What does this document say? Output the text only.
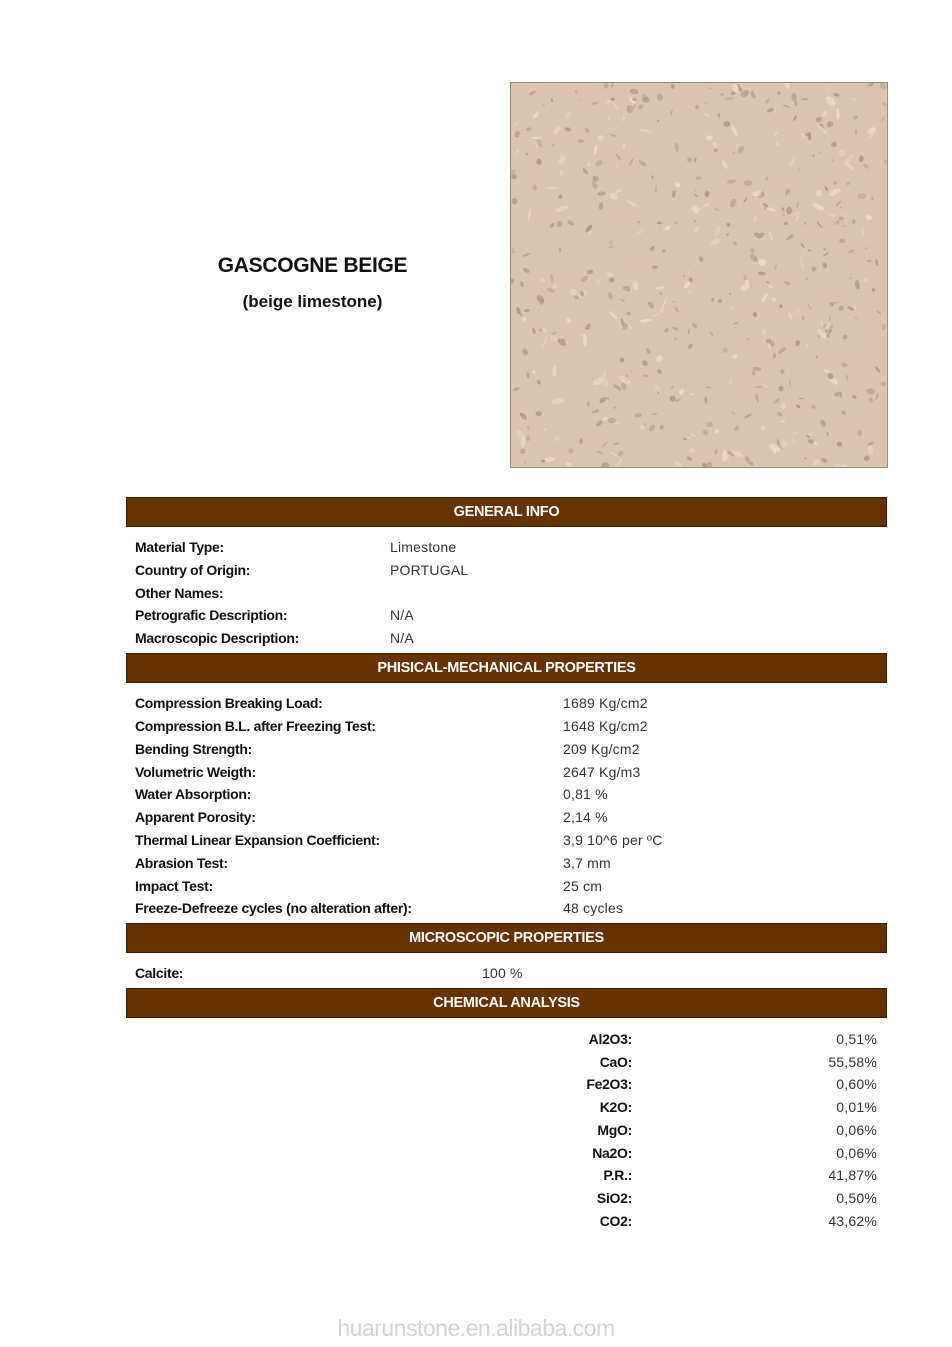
GASCOGNE BEIGE
(beige limestone)
GENERAL INFO
Material Type:	Limestone
Country of Origin:	PORTUGAL
Other Names:
Petrografic Description:	N/A
Macroscopic Description:	N/A
PHISICAL-MECHANICAL PROPERTIES
Compression Breaking Load:	1689 Kg/cm2
Compression B.L. after Freezing Test:	1648 Kg/cm2
Bending Strength:	209 Kg/cm2
Volumetric Weigth:	2647 Kg/m3
Water Absorption:	0,81 %
Apparent Porosity:	2,14 %
Thermal Linear Expansion Coefficient:	3,9 10^6 per ºC
Abrasion Test:	3,7 mm
Impact Test:	25 cm
Freeze-Defreeze cycles (no alteration after):	48 cycles
MICROSCOPIC PROPERTIES
Calcite:	100 %
CHEMICAL ANALYSIS
Al2O3:	0,51%
CaO:	55,58%
Fe2O3:	0,60%
K2O:	0,01%
MgO:	0,06%
Na2O:	0,06%
P.R.:	41,87%
SiO2:	0,50%
CO2:	43,62%
huarunstone.en.alibaba.com
